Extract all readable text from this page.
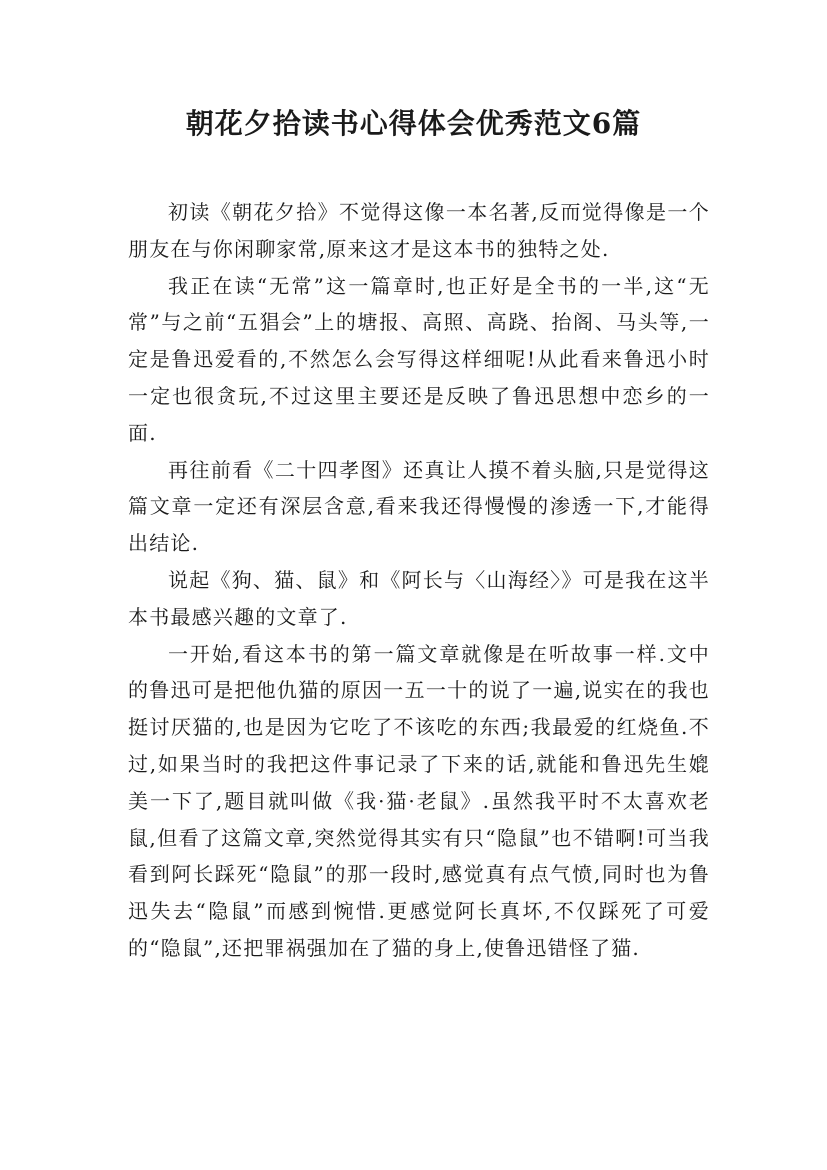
朝花夕拾读书心得体会优秀范文6篇

初读《朝花夕拾》不觉得这像一本名著,反而觉得像是一个朋友在与你闲聊家常,原来这才是这本书的独特之处.

我正在读“无常”这一篇章时,也正好是全书的一半,这“无常”与之前“五猖会”上的塘报、高照、高跷、抬阁、马头等,一定是鲁迅爱看的,不然怎么会写得这样细呢!从此看来鲁迅小时一定也很贪玩,不过这里主要还是反映了鲁迅思想中恋乡的一面.

再往前看《二十四孝图》还真让人摸不着头脑,只是觉得这篇文章一定还有深层含意,看来我还得慢慢的渗透一下,才能得出结论.

说起《狗、猫、鼠》和《阿长与〈山海经〉》可是我在这半本书最感兴趣的文章了.

一开始,看这本书的第一篇文章就像是在听故事一样.文中的鲁迅可是把他仇猫的原因一五一十的说了一遍,说实在的我也挺讨厌猫的,也是因为它吃了不该吃的东西;我最爱的红烧鱼.不过,如果当时的我把这件事记录了下来的话,就能和鲁迅先生媲美一下了,题目就叫做《我·猫·老鼠》.虽然我平时不太喜欢老鼠,但看了这篇文章,突然觉得其实有只“隐鼠”也不错啊!可当我看到阿长踩死“隐鼠”的那一段时,感觉真有点气愤,同时也为鲁迅失去“隐鼠”而感到惋惜.更感觉阿长真坏,不仅踩死了可爱的“隐鼠”,还把罪祸强加在了猫的身上,使鲁迅错怪了猫.
